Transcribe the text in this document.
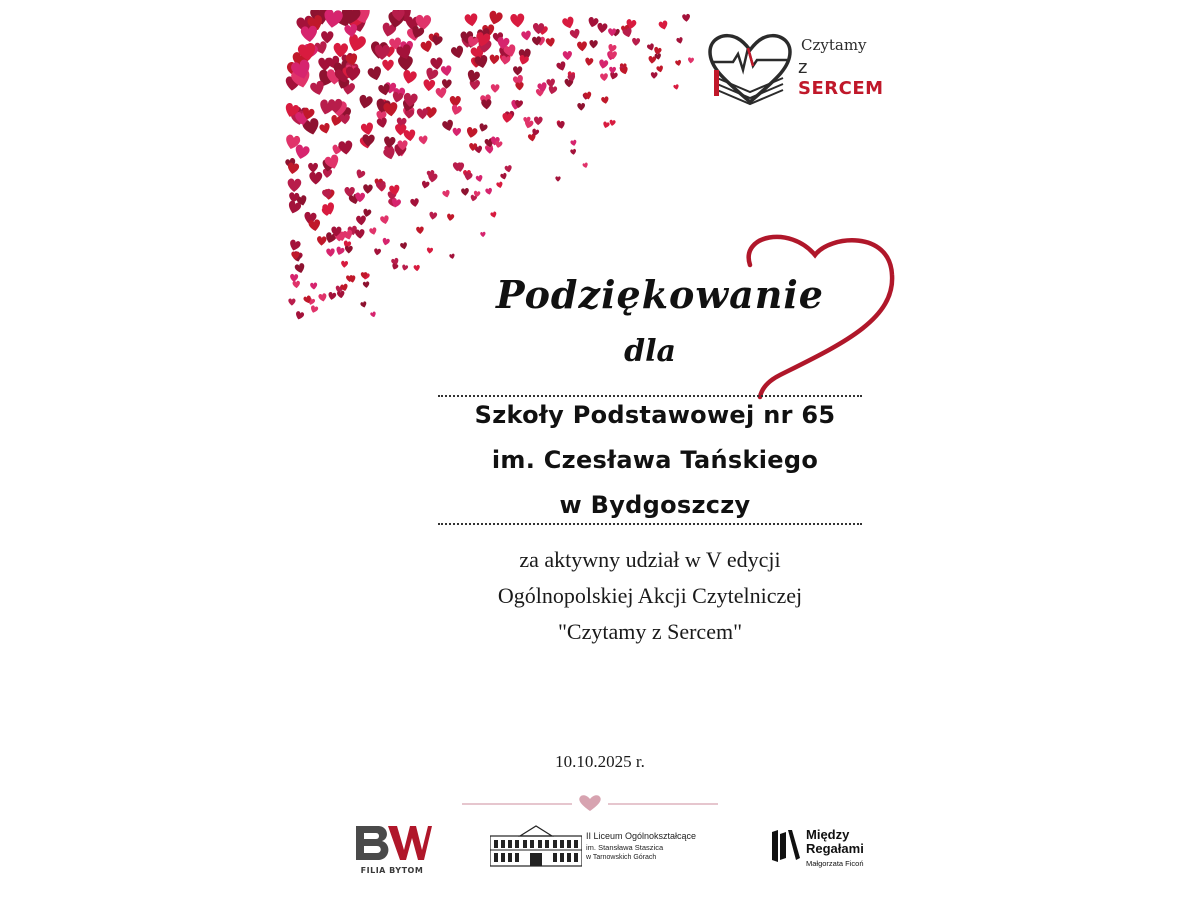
Czytamy
z SERCEM
Podziękowanie
dla
Szkoły Podstawowej nr 65
im. Czesława Tańskiego
w Bydgoszczy
za aktywny udział w V edycji
Ogólnopolskiej Akcji Czytelniczej
"Czytamy z Sercem"
10.10.2025 r.
FILIA BYTOM
II Liceum Ogólnokształcące
im. Stansława Staszica
w Tarnowskich Górach
Między
Regałami
Małgorzata Ficoń
